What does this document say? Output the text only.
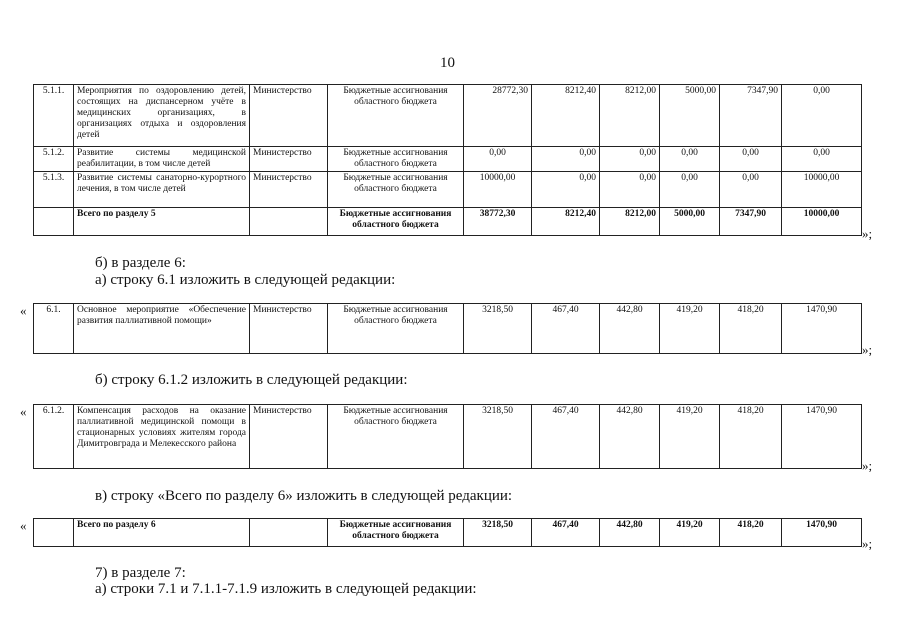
10
5.1.1.	Мероприятия по оздоровлению детей, состоящих на диспансерном учёте в медицинских организациях, в организациях отдыха и оздоровления детей	Министерство	Бюджетные ассигнования областного бюджета	28772,30	8212,40	8212,00	5000,00	7347,90	0,00
5.1.2.	Развитие системы медицинской реабилитации, в том числе детей	Министерство	Бюджетные ассигнования областного бюджета	0,00	0,00	0,00	0,00	0,00	0,00
5.1.3.	Развитие системы санаторно-курортного лечения, в том числе детей	Министерство	Бюджетные ассигнования областного бюджета	10000,00	0,00	0,00	0,00	0,00	10000,00
	Всего по разделу 5		Бюджетные ассигнования областного бюджета	38772,30	8212,40	8212,00	5000,00	7347,90	10000,00
»;
б) в разделе 6:
а) строку 6.1 изложить в следующей редакции:
« 6.1.	Основное мероприятие «Обеспечение развития паллиативной помощи»	Министерство	Бюджетные ассигнования областного бюджета	3218,50	467,40	442,80	419,20	418,20	1470,90
»;
б) строку 6.1.2 изложить в следующей редакции:
« 6.1.2.	Компенсация расходов на оказание паллиативной медицинской помощи в стационарных условиях жителям города Димитровграда и Мелекесского района	Министерство	Бюджетные ассигнования областного бюджета	3218,50	467,40	442,80	419,20	418,20	1470,90
»;
в) строку «Всего по разделу 6» изложить в следующей редакции:
«
		Всего по разделу 6		Бюджетные ассигнования областного бюджета	3218,50	467,40	442,80	419,20	418,20	1470,90
»;
7) в разделе 7:
а) строки 7.1 и 7.1.1-7.1.9 изложить в следующей редакции:
